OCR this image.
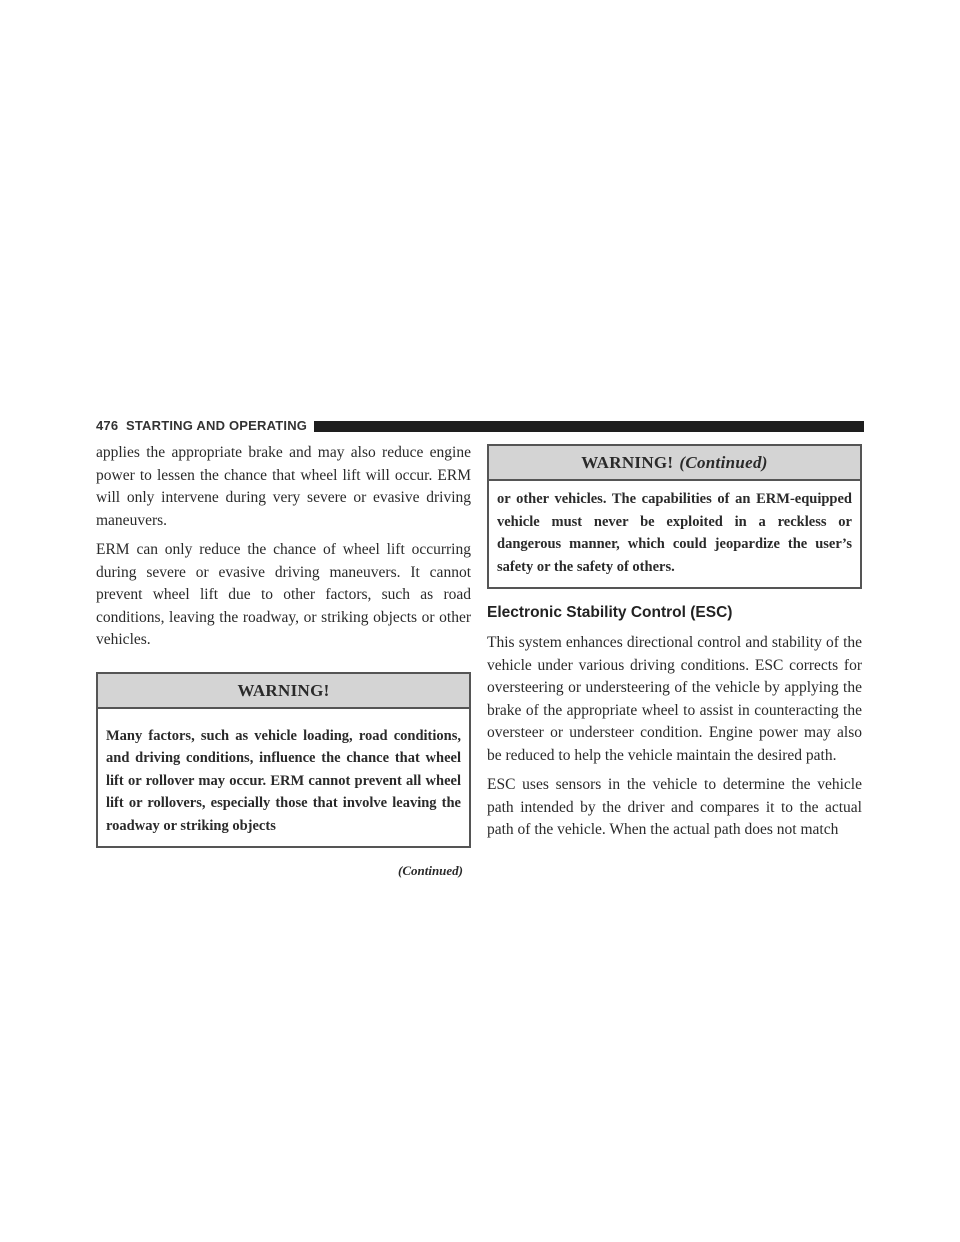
476 STARTING AND OPERATING

applies the appropriate brake and may also reduce engine power to lessen the chance that wheel lift will occur. ERM will only intervene during very severe or evasive driving maneuvers.

ERM can only reduce the chance of wheel lift occurring during severe or evasive driving maneuvers. It cannot prevent wheel lift due to other factors, such as road conditions, leaving the roadway, or striking objects or other vehicles.

WARNING!
Many factors, such as vehicle loading, road conditions, and driving conditions, influence the chance that wheel lift or rollover may occur. ERM cannot prevent all wheel lift or rollovers, especially those that involve leaving the roadway or striking objects
(Continued)
WARNING! (Continued)
or other vehicles. The capabilities of an ERM-equipped vehicle must never be exploited in a reckless or dangerous manner, which could jeopardize the user’s safety or the safety of others.
Electronic Stability Control (ESC)

This system enhances directional control and stability of the vehicle under various driving conditions. ESC corrects for oversteering or understeering of the vehicle by applying the brake of the appropriate wheel to assist in counteracting the oversteer or understeer condition. Engine power may also be reduced to help the vehicle maintain the desired path.

ESC uses sensors in the vehicle to determine the vehicle path intended by the driver and compares it to the actual path of the vehicle. When the actual path does not match
